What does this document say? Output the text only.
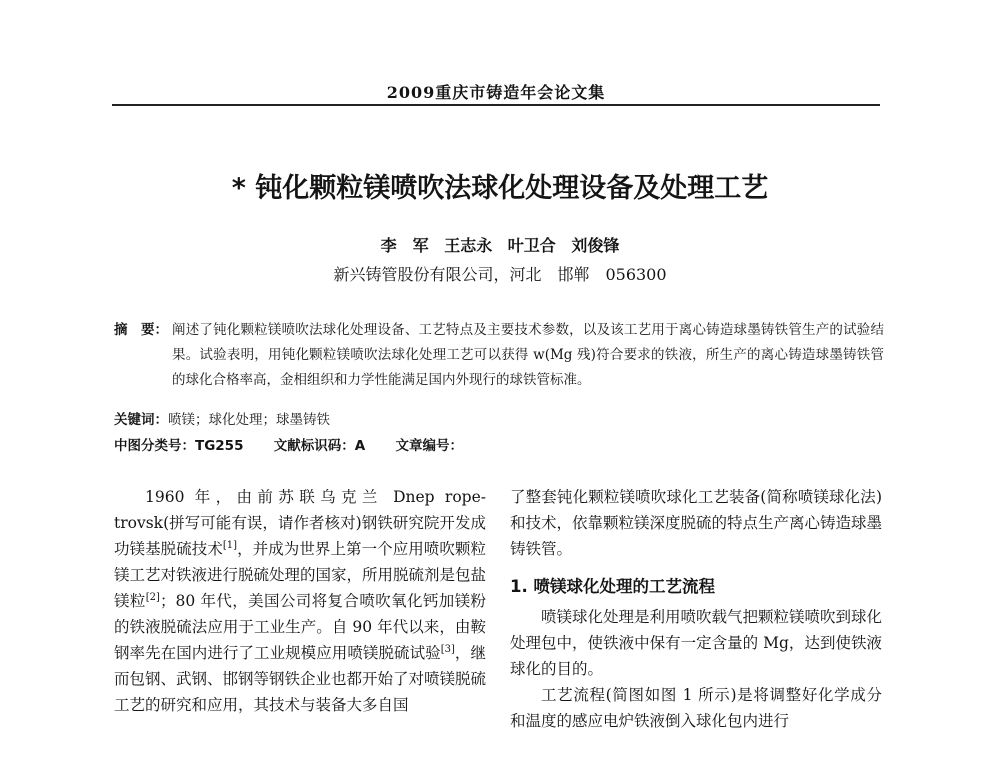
2009重庆市铸造年会论文集
* 钝化颗粒镁喷吹法球化处理设备及处理工艺
李　军 王志永 叶卫合 刘俊锋
新兴铸管股份有限公司，河北　邯郸　056300
摘　要： 阐述了钝化颗粒镁喷吹法球化处理设备、工艺特点及主要技术参数，以及该工艺用于离心铸造球墨铸铁管生产的试验结果。试验表明，用钝化颗粒镁喷吹法球化处理工艺可以获得 w(Mg 残)符合要求的铁液，所生产的离心铸造球墨铸铁管的球化合格率高，金相组织和力学性能满足国内外现行的球铁管标准。
关键词：喷镁；球化处理；球墨铸铁
中图分类号：TG255 文献标识码：A 文章编号：

1960 年，由前苏联乌克兰 Dnep rope-trovsk(拼写可能有误，请作者核对)钢铁研究院开发成功镁基脱硫技术[1]，并成为世界上第一个应用喷吹颗粒镁工艺对铁液进行脱硫处理的国家，所用脱硫剂是包盐镁粒[2]；80 年代，美国公司将复合喷吹氧化钙加镁粉的铁液脱硫法应用于工业生产。自 90 年代以来，由鞍钢率先在国内进行了工业规模应用喷镁脱硫试验[3]，继而包钢、武钢、邯钢等钢铁企业也都开始了对喷镁脱硫工艺的研究和应用，其技术与装备大多自国

了整套钝化颗粒镁喷吹球化工艺装备(简称喷镁球化法)和技术，依靠颗粒镁深度脱硫的特点生产离心铸造球墨铸铁管。

1. 喷镁球化处理的工艺流程

喷镁球化处理是利用喷吹载气把颗粒镁喷吹到球化处理包中，使铁液中保有一定含量的 Mg，达到使铁液球化的目的。

工艺流程(简图如图 1 所示)是将调整好化学成分和温度的感应电炉铁液倒入球化包内进行
